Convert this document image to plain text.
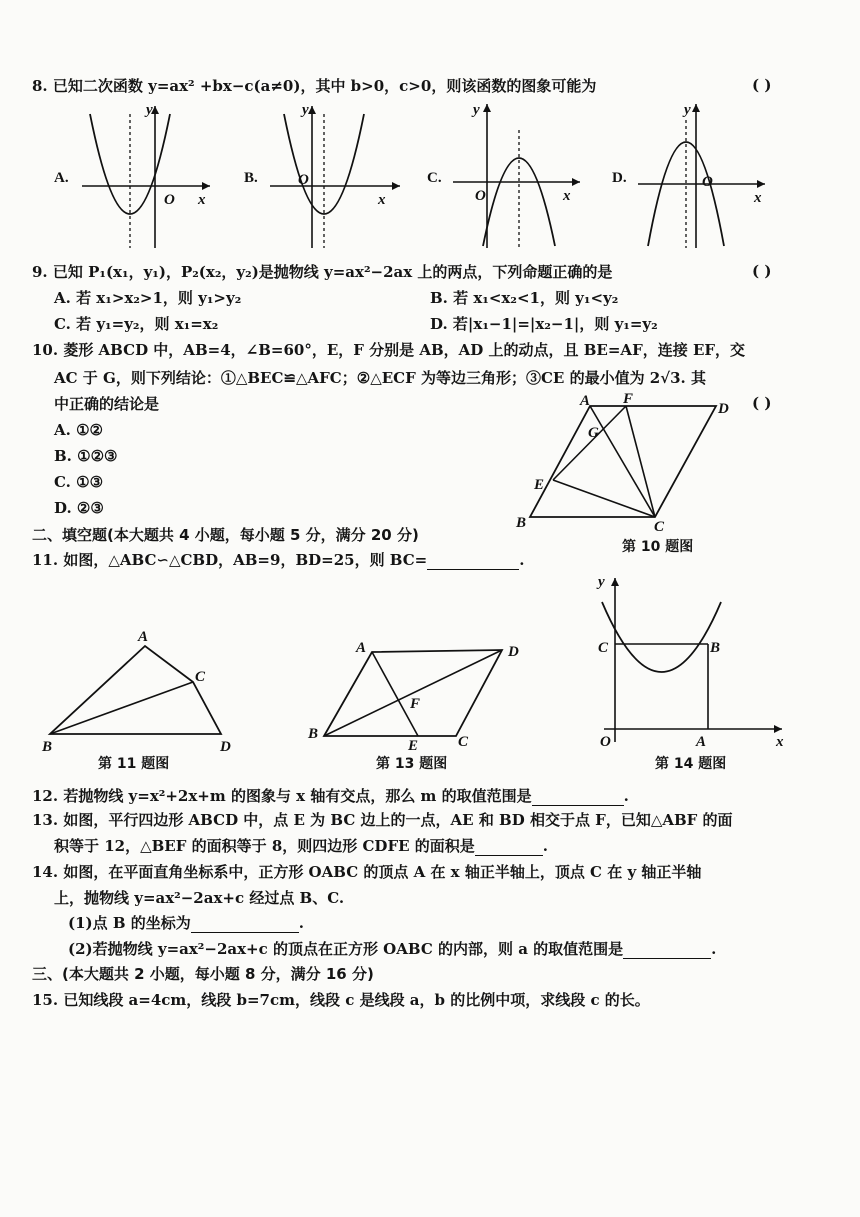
8. 已知二次函数 y=ax² +bx−c(a≠0)，其中 b>0，c>0，则该函数的图象可能为	( )
A.
y
x
O
B.
y
x
O	C.
y
x
O
D.
y
x
O
9. 已知 P₁(x₁，y₁)，P₂(x₂，y₂)是抛物线 y=ax²−2ax 上的两点，下列命题正确的是	( )
A. 若 x₁>x₂>1，则 y₁>y₂	B. 若 x₁<x₂<1，则 y₁<y₂
C. 若 y₁=y₂，则 x₁=x₂	D. 若|x₁−1|=|x₂−1|，则 y₁=y₂
10. 菱形 ABCD 中，AB=4，∠B=60°，E，F 分别是 AB，AD 上的动点，且 BE=AF，连接 EF，交
AC 于 G，则下列结论：①△BEC≌△AFC；②△ECF 为等边三角形；③CE 的最小值为 2√3. 其
中正确的结论是	( )
A. ①②
B. ①②③
C. ①③
D. ②③
A F
D
G
E
B	C
第 10 题图
二、填空题(本大题共 4 小题，每小题 5 分，满分 20 分)
11. 如图，△ABC∽△CBD，AB=9，BD=25，则 BC=	.
A
C
B	D
第 11 题图
A	D
F
B
E	C
第 13 题图
y
x
C	B
O	A
第 14 题图
12. 若抛物线 y=x²+2x+m 的图象与 x 轴有交点，那么 m 的取值范围是	.
13. 如图，平行四边形 ABCD 中，点 E 为 BC 边上的一点，AE 和 BD 相交于点 F，已知△ABF 的面
积等于 12，△BEF 的面积等于 8，则四边形 CDFE 的面积是	.
14. 如图，在平面直角坐标系中，正方形 OABC 的顶点 A 在 x 轴正半轴上，顶点 C 在 y 轴正半轴
上，抛物线 y=ax²−2ax+c 经过点 B、C.
(1)点 B 的坐标为	.
(2)若抛物线 y=ax²−2ax+c 的顶点在正方形 OABC 的内部，则 a 的取值范围是	.
三、(本大题共 2 小题，每小题 8 分，满分 16 分)
15. 已知线段 a=4cm，线段 b=7cm，线段 c 是线段 a，b 的比例中项，求线段 c 的长。
